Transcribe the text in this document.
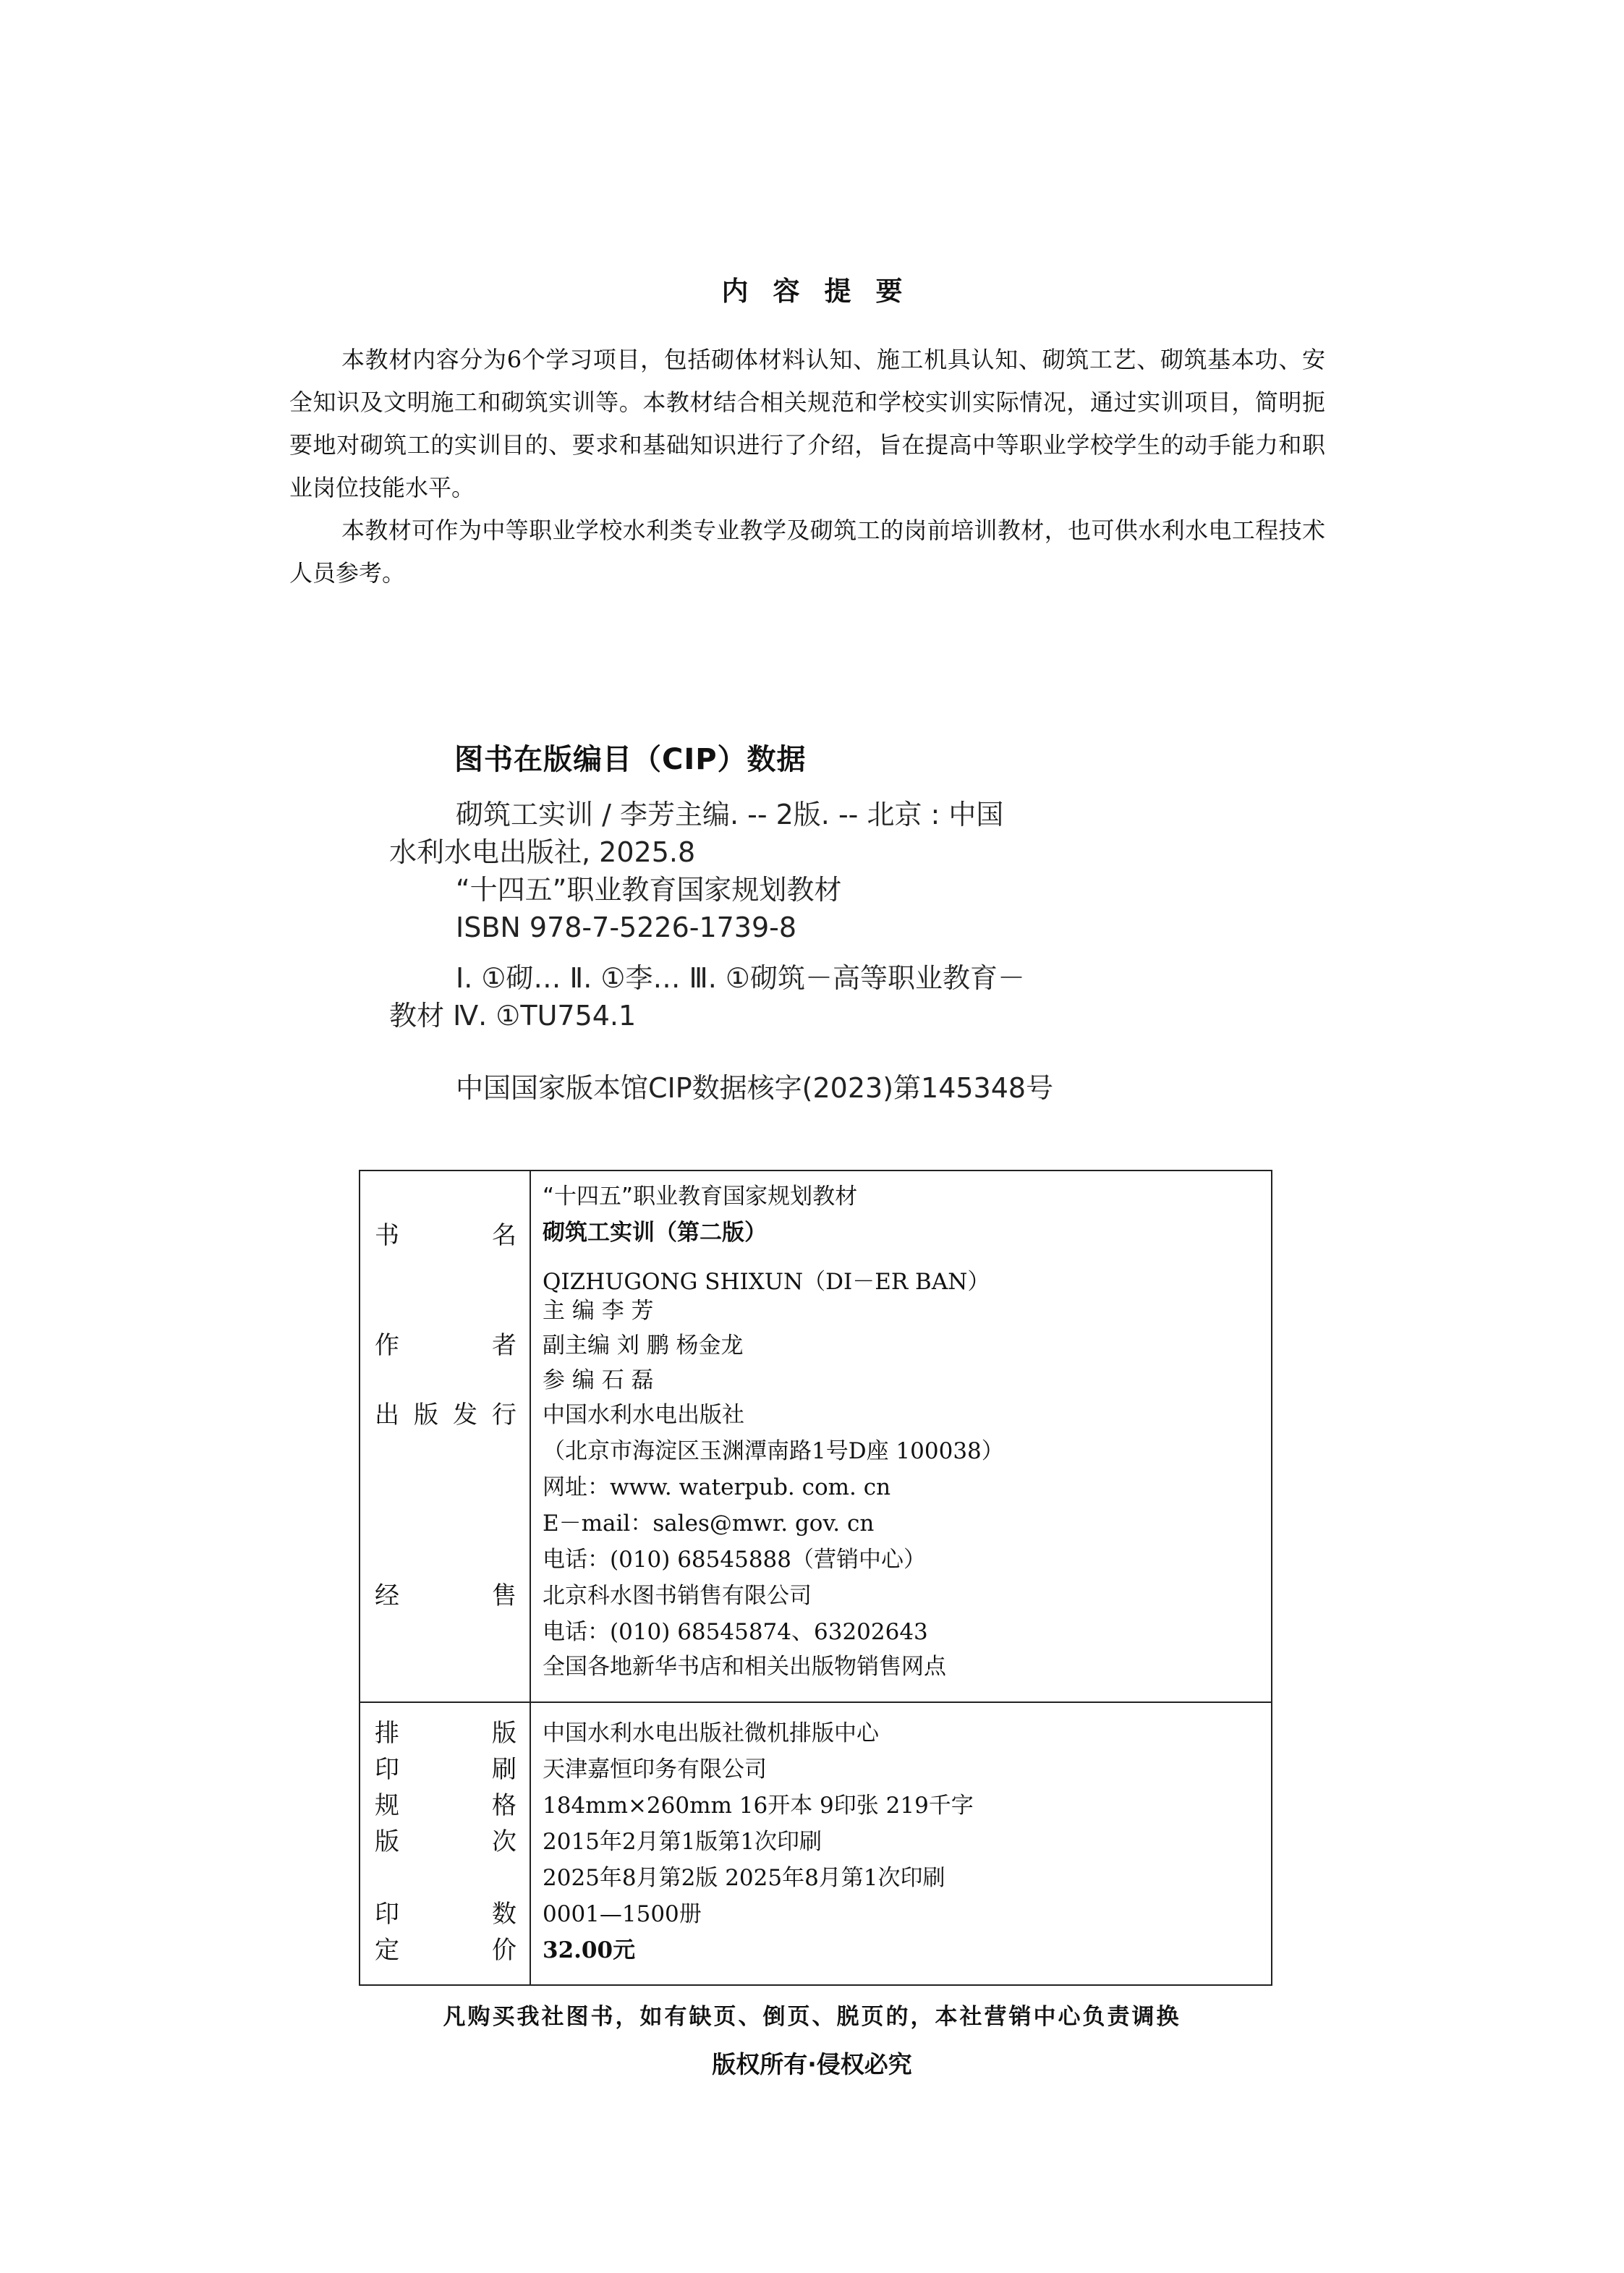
内容提要

本教材内容分为6个学习项目，包括砌体材料认知、施工机具认知、砌筑工艺、砌筑基本功、安全知识及文明施工和砌筑实训等。本教材结合相关规范和学校实训实际情况，通过实训项目，简明扼要地对砌筑工的实训目的、要求和基础知识进行了介绍，旨在提高中等职业学校学生的动手能力和职业岗位技能水平。

本教材可作为中等职业学校水利类专业教学及砌筑工的岗前培训教材，也可供水利水电工程技术人员参考。

图书在版编目（CIP）数据

砌筑工实训 / 李芳主编. -- 2版. -- 北京 : 中国

水利水电出版社, 2025.8

“十四五”职业教育国家规划教材

ISBN 978-7-5226-1739-8

Ⅰ. ①砌… Ⅱ. ①李… Ⅲ. ①砌筑－高等职业教育－

教材 Ⅳ. ①TU754.1

中国国家版本馆CIP数据核字(2023)第145348号
书	名
“十四五”职业教育国家规划教材
砌筑工实训（第二版）
QIZHUGONG SHIXUN（DI－ER BAN）
作	者
主 编 李 芳
副主编 刘 鹏 杨金龙
参 编 石 磊
出 版 发 行 中国水利水电出版社
（北京市海淀区玉渊潭南路1号D座 100038）
网址：www. waterpub. com. cn
E－mail：sales@mwr. gov. cn
电话：(010) 68545888（营销中心）
经	售 北京科水图书销售有限公司
电话：(010) 68545874、63202643
全国各地新华书店和相关出版物销售网点
排	版 中国水利水电出版社微机排版中心
印	刷 天津嘉恒印务有限公司
规	格 184mm×260mm 16开本 9印张 219千字
版	次 2015年2月第1版第1次印刷
2025年8月第2版 2025年8月第1次印刷
印	数 0001—1500册
定	价 32.00元
凡购买我社图书，如有缺页、倒页、脱页的，本社营销中心负责调换
版权所有·侵权必究
